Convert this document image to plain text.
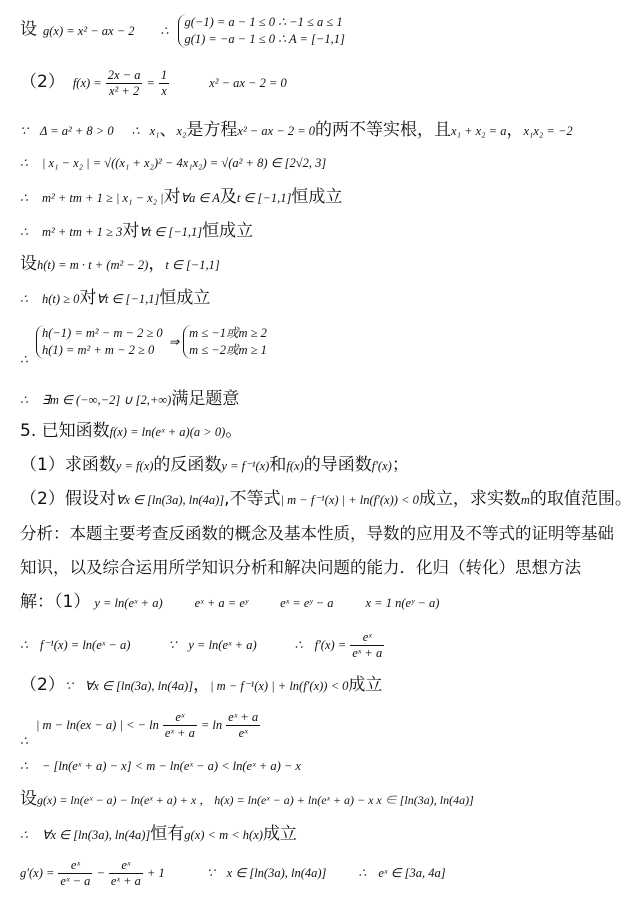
设 g(x) = x² − ax − 2 ∴
g(−1) = a − 1 ≤ 0 ∴ −1 ≤ a ≤ 1
g(1) = −a − 1 ≤ 0 ∴ A = [−1,1]
（2） $f(x) = \frac{2x - a}{\text{x² + 2}} = \frac{1}{x}$	x² − ax − 2 = 0
∵ Δ = a² + 8 > 0 ∴ x₁、x₂是方程x² − ax − 2 = 0的两不等实根，且x₁ + x₂ = a，x₁x₂ = −2
∴ | x₁ − x₂ | = √((x₁ + x₂)² − 4x₁x₂) = √(a² + 8) ∈ [2√2, 3]
∴ m² + tm + 1 ≥ | x₁ − x₂ |对∀a ∈ A及t ∈ [−1,1]恒成立
∴ m² + tm + 1 ≥ 3对∀t ∈ [−1,1]恒成立
设h(t) = m · t + (m² − 2)，t ∈ [−1,1]
∴ h(t) ≥ 0对∀t ∈ [−1,1]恒成立
$_\therefore$
h(−1) = m² − m − 2 ≥ 0
h(1) = m² + m − 2 ≥ 0
⇒
m ≤ −1或m ≥ 2
m ≤ −2或m ≥ 1
∴ ∃m ∈ (−∞,−2] ∪ [2,+∞)满足题意
5. 已知函数f(x) = ln(eˣ + a)(a > 0)。
（1）求函数y = f(x)的反函数y = f⁻¹(x)和f(x)的导函数f′(x)；
（2）假设对∀x ∈ [ln(3a), ln(4a)],不等式| m − f⁻¹(x) | + ln(f′(x)) < 0成立，求实数m的取值范围。
分析：本题主要考查反函数的概念及基本性质，导数的应用及不等式的证明等基础
知识，以及综合运用所学知识分析和解决问题的能力．化归（转化）思想方法
解：（1） y = ln(eˣ + a)	eˣ + a = eʸ	eˣ = eʸ − a	x = 1 n(eʸ − a)
∴ f⁻¹(x) = ln(eˣ − a)	∵ y = ln(eˣ + a)	∴ $f'(x) = \frac{\text{eˣ}}{\text{eˣ + a}}$
（2）∵ ∀x ∈ [ln(3a), ln(4a)]，| m − f⁻¹(x) | + ln(f′(x)) < 0成立
$_\therefore$ | m − ln(ex − a) | < − $\ln \frac{\text{eˣ}}{\text{eˣ + a}} = \ln \frac{\text{eˣ + a}}{\text{eˣ}}$
∴ − [ln(eˣ + a) − x] < m − ln(eˣ − a) < ln(eˣ + a) − x
设g(x) = ln(eˣ − a) − ln(eˣ + a) + x ， h(x) = ln(eˣ − a) + ln(eˣ + a) − x x ∈ [ln(3a), ln(4a)]
∴ ∀x ∈ [ln(3a), ln(4a)]恒有g(x) < m < h(x)成立
$g'(x) = \frac{\text{eˣ}}{\text{eˣ − a}} - \frac{\text{eˣ}}{\text{eˣ + a}} + 1$	∵ x ∈ [ln(3a), ln(4a)]	∴ eˣ ∈ [3a, 4a]
